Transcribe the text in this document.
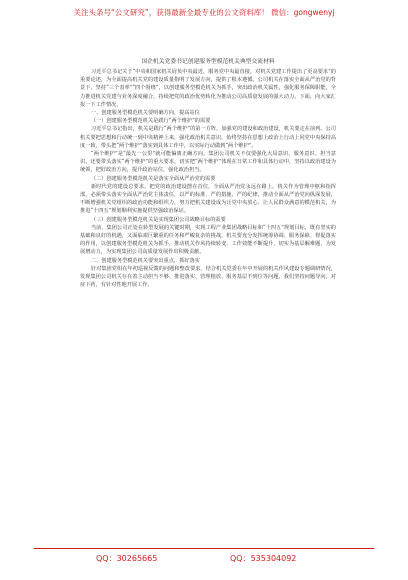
关注头条号“公文研究”，获得最新全最专业的公文资料库！ 微信：gongwenyj
国企机关党委书记创建服务型模范机关典型交流材料

习近平总书记关于“中央和国家机关肩负中央最近，服务党中央最直接，对机关党建工作提出了更高要求”的重要论述，为全面提高机关党的建设质量指明了发展方向，提供了根本遵循。公司机关在落实全面从严治党的背景下，坚持“三个表率”“四个围绕”，以创建服务型模范机关为抓手，突出政治机关属性，强化服务保障职能，全力推进机关党建与业务深度融合，持续把党的政治优势转化为推动公司高质量发展的强大动力。下面，向大家汇报一下工作情况。

一、创建服务型模范机关要明确方向，提高站位

（一）创建服务型模范机关是践行“两个维护”的需要

习近平总书记指出，机关是践行“两个维护”的第一方阵，加强党的建设和政治建设，机关要走在前列。公司机关要把思想和行动统一到中央精神上来，强化政治机关意识，始终坚持在思想上政治上行动上同党中央保持高度一致，带头把“两个维护”落实到具体工作中，以实际行动做到“两个维护”。

“两个维护”是“最先一公里”就可能偏离正确方向。集团公司机关不仅要强化大局意识、服务意识、担当意识，还要带头落实“两个维护”的重大要求，切实把“两个维护”体现在日常工作和具体行动中，坚持以政治建设为统领，把好政治方向，提升政治站位，强化政治担当。

（二）创建服务型模范机关是落实全面从严治党的需要

新时代党的建设总要求，把党的政治建设摆在首位，全面从严治党永远在路上。机关作为管理中枢和指挥部，必须带头落实全面从严治党主体责任，以严的标准、严的措施、严的纪律，推动全面从严治党向纵深发展，不断增强机关党组织的政治功能和组织力，努力把机关建设成为让党中央放心、让人民群众满意的模范机关，为推进“十四五”规划顺利实施提供坚强政治保证。

（三）创建服务型模范机关是实现集团公司战略目标的需要

当前，集团公司正处在转型发展的关键时期，实现工程产业集团战略目标和“十四五”规划目标，既有坚实的基础和良好的机遇，又面临艰巨繁重的任务和严峻复杂的挑战。机关要充分发挥统筹协调、服务保障、督促落实的作用，以创建服务型模范机关为抓手，推动机关作风持续转变、工作效能不断提升，切实为基层解难题、为发展增动力，为实现集团公司高质量发展作出积极贡献。

二、创建服务型模范机关要突出重点，抓好落实

针对集团党组在年初巡视反馈的问题和整改要求，结合机关党委在年中开展的机关作风建设专题调研情况，发现集团公司机关存在着主动担当不够、推进落实、管理粗放、服务基层不到位等问题，我们坚持问题导向，对症下药，有针对性地开展工作。

QQ：30265665	QQ：535304092
